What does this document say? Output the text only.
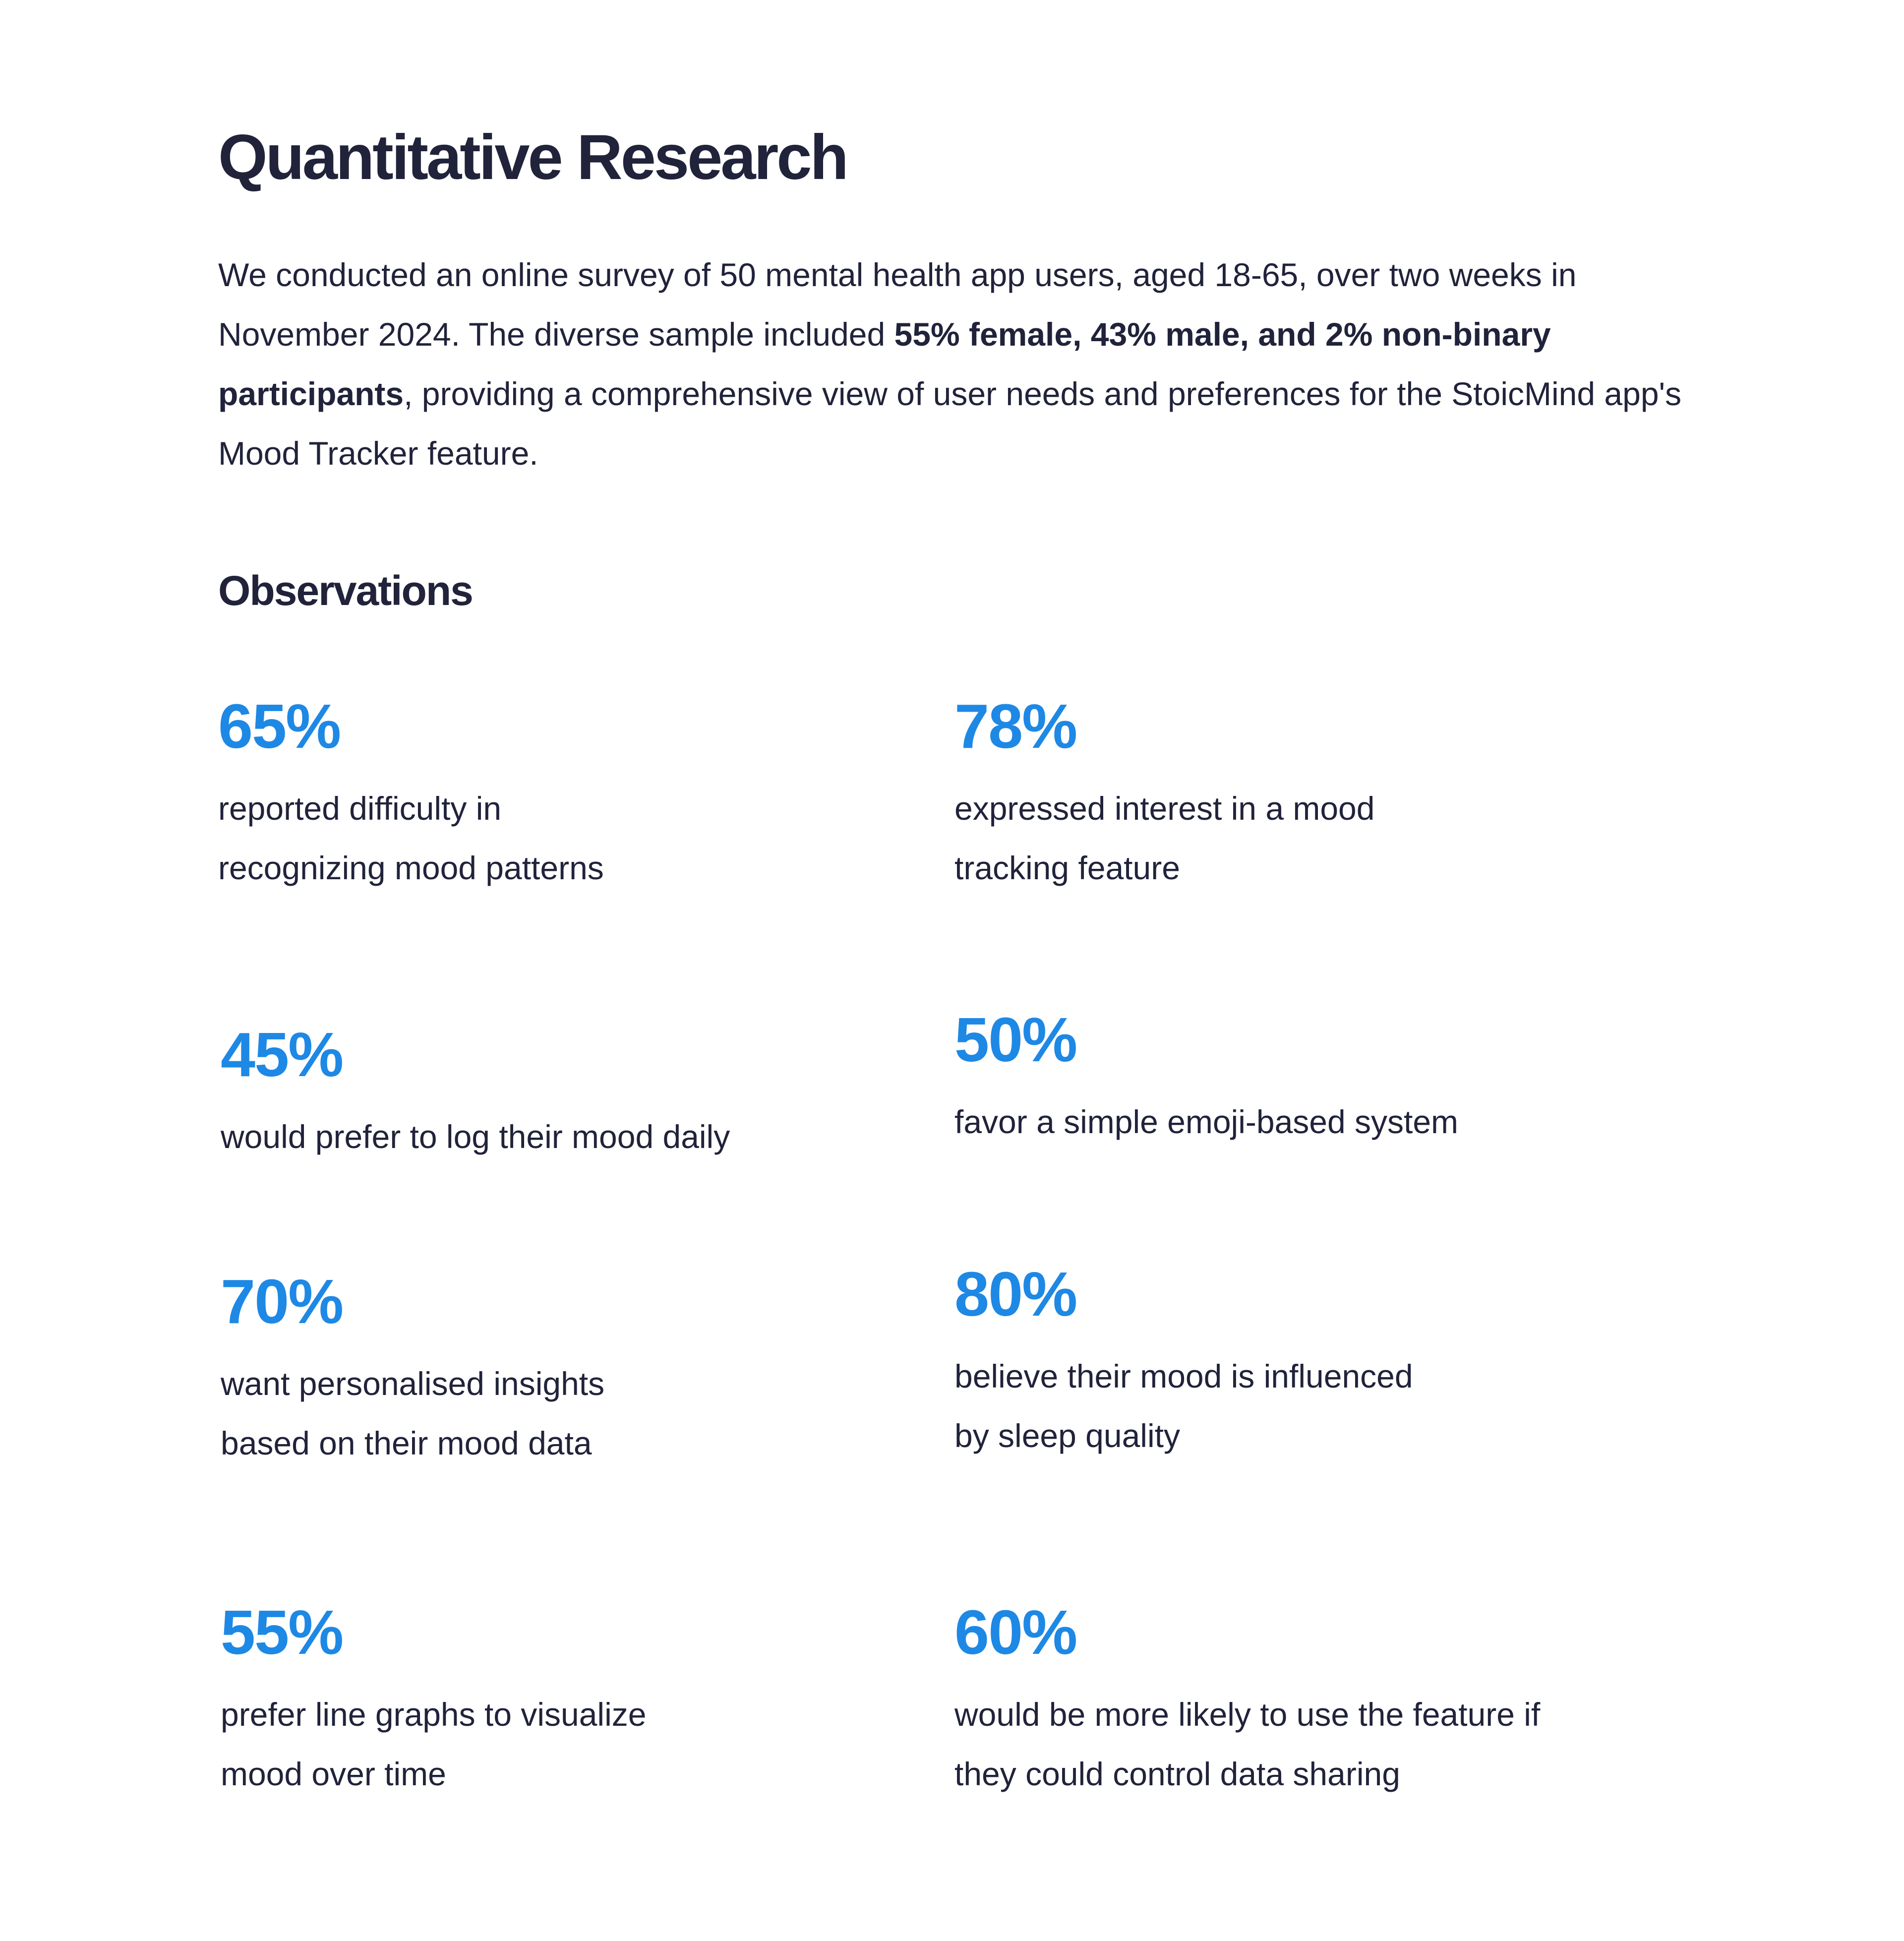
Quantitative Research

We conducted an online survey of 50 mental health app users, aged 18-65, over two weeks in November 2024. The diverse sample included 55% female, 43% male, and 2% non-binary participants, providing a comprehensive view of user needs and preferences for the StoicMind app's Mood Tracker feature.

Observations
65%
reported difficulty in
recognizing mood patterns
78%
expressed interest in a mood
tracking feature
45%
would prefer to log their mood daily
50%
favor a simple emoji-based system
70%
want personalised insights
based on their mood data
80%
believe their mood is influenced
by sleep quality
55%
prefer line graphs to visualize
mood over time
60%
would be more likely to use the feature if
they could control data sharing
